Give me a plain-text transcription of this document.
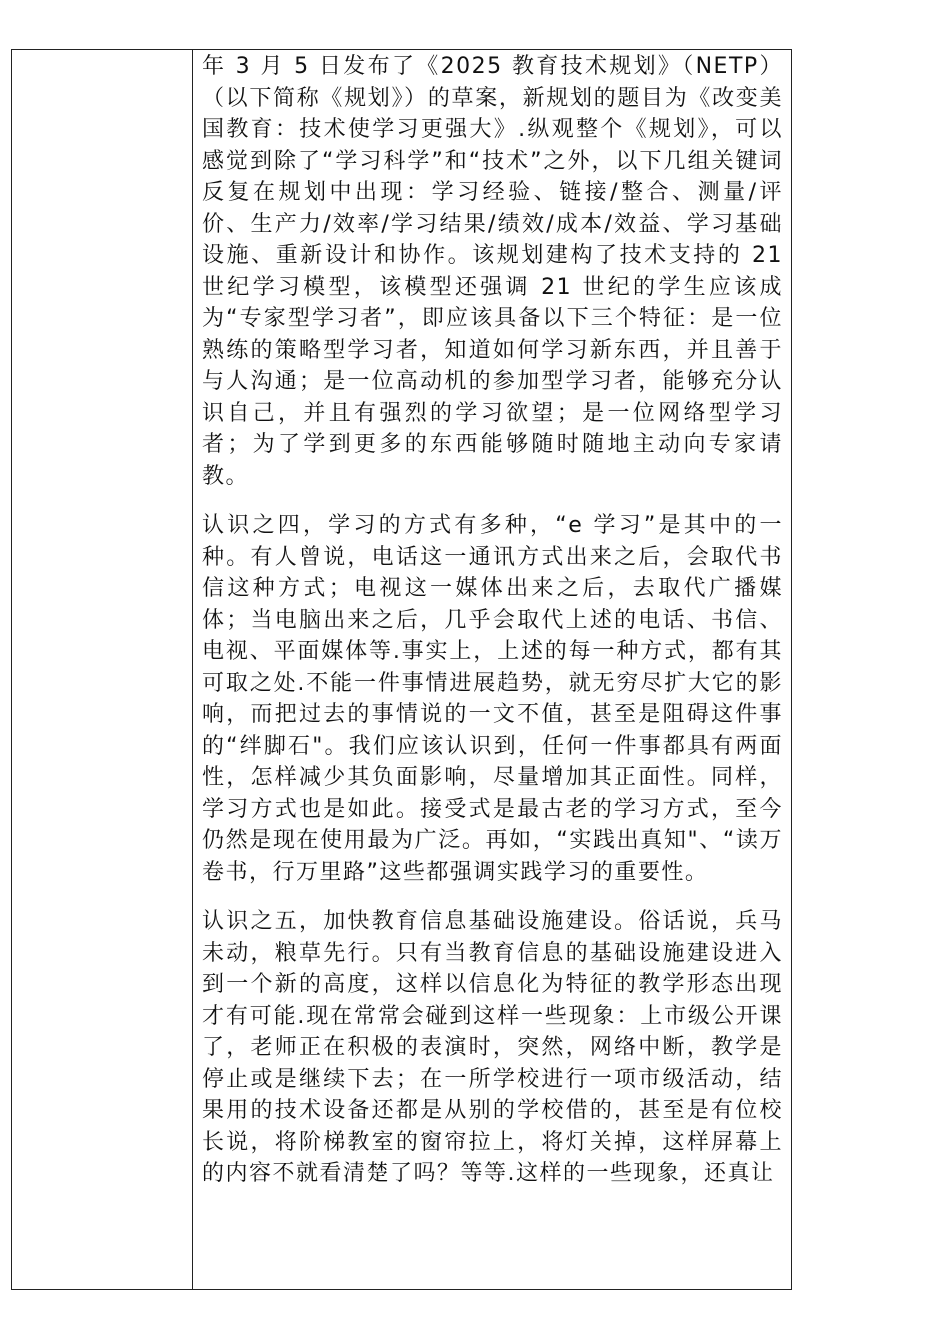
年 3 月 5 日发布了《2025 教育技术规划》（NETP）（以下简称《规划》）的草案，新规划的题目为《改变美国教育：技术使学习更强大》.纵观整个《规划》，可以感觉到除了“学习科学”和“技术”之外，以下几组关键词反复在规划中出现：学习经验、链接/整合、测量/评价、生产力/效率/学习结果/绩效/成本/效益、学习基础设施、重新设计和协作。该规划建构了技术支持的 21 世纪学习模型，该模型还强调 21 世纪的学生应该成为“专家型学习者”，即应该具备以下三个特征：是一位熟练的策略型学习者，知道如何学习新东西，并且善于与人沟通；是一位高动机的参加型学习者，能够充分认识自己，并且有强烈的学习欲望；是一位网络型学习者；为了学到更多的东西能够随时随地主动向专家请教。

认识之四，学习的方式有多种，“e 学习”是其中的一种。有人曾说，电话这一通讯方式出来之后，会取代书信这种方式；电视这一媒体出来之后，去取代广播媒体；当电脑出来之后，几乎会取代上述的电话、书信、电视、平面媒体等.事实上，上述的每一种方式，都有其可取之处.不能一件事情进展趋势，就无穷尽扩大它的影响，而把过去的事情说的一文不值，甚至是阻碍这件事的“绊脚石"。我们应该认识到，任何一件事都具有两面性，怎样减少其负面影响，尽量增加其正面性。同样，学习方式也是如此。接受式是最古老的学习方式，至今仍然是现在使用最为广泛。再如，“实践出真知"、“读万卷书，行万里路”这些都强调实践学习的重要性。

认识之五，加快教育信息基础设施建设。俗话说，兵马未动，粮草先行。只有当教育信息的基础设施建设进入到一个新的高度，这样以信息化为特征的教学形态出现才有可能.现在常常会碰到这样一些现象：上市级公开课了，老师正在积极的表演时，突然，网络中断，教学是停止或是继续下去；在一所学校进行一项市级活动，结果用的技术设备还都是从别的学校借的，甚至是有位校长说，将阶梯教室的窗帘拉上，将灯关掉，这样屏幕上的内容不就看清楚了吗？等等.这样的一些现象，还真让
